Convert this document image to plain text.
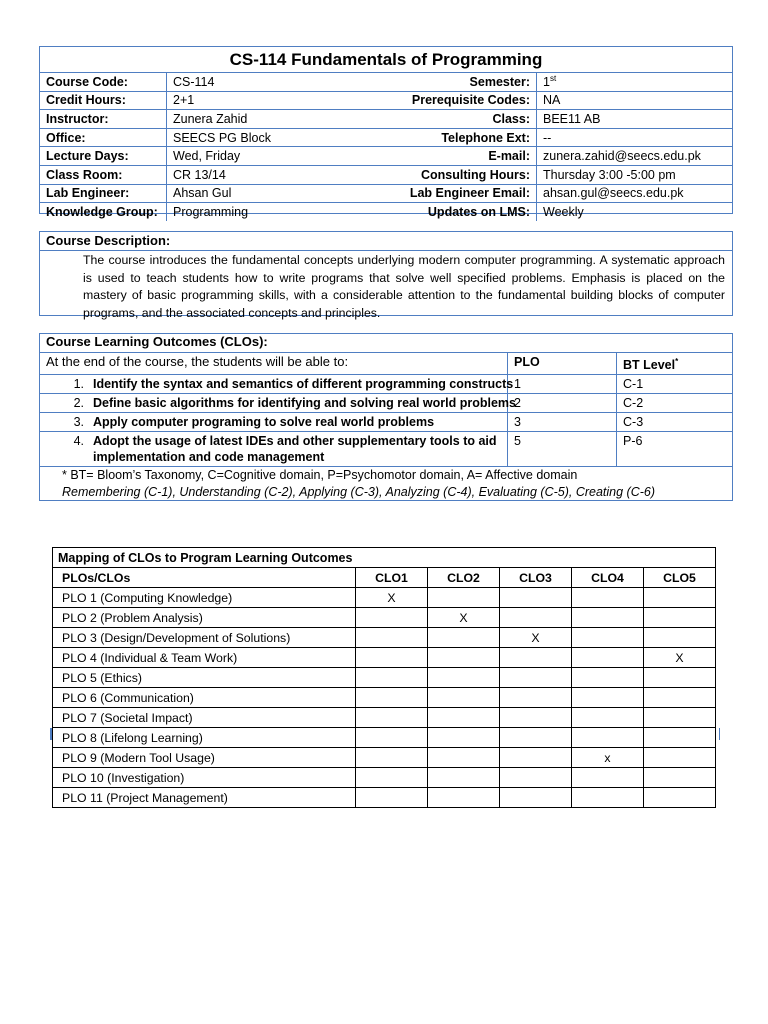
CS-114 Fundamentals of Programming
Course Code:	CS-114	Semester:	1st
Credit Hours:	2+1	Prerequisite Codes:	NA
Instructor:	Zunera Zahid	Class:	BEE11 AB
Office:	SEECS PG Block	Telephone Ext:	--
Lecture Days:	Wed, Friday	E-mail:	zunera.zahid@seecs.edu.pk
Class Room:	CR 13/14	Consulting Hours:	Thursday 3:00 -5:00 pm
Lab Engineer:	Ahsan Gul	Lab Engineer Email:	ahsan.gul@seecs.edu.pk
Knowledge Group:	Programming	Updates on LMS:	Weekly
Course Description:
The course introduces the fundamental concepts underlying modern computer programming. A systematic approach is used to teach students how to write programs that solve well specified problems. Emphasis is placed on the mastery of basic programming skills, with a considerable attention to the fundamental building blocks of computer programs, and the associated concepts and principles.
Course Learning Outcomes (CLOs):		
At the end of the course, the students will be able to:	PLO	BT Level*
1. Identify the syntax and semantics of different programming constructs	1	C-1
2. Define basic algorithms for identifying and solving real world problems	2	C-2
3. Apply computer programing to solve real world problems	3	C-3
4. Adopt the usage of latest IDEs and other supplementary tools to aid implementation and code management	5	P-6
* BT= Bloom’s Taxonomy, C=Cognitive domain, P=Psychomotor domain, A= Affective domain
Remembering (C-1), Understanding (C-2), Applying (C-3), Analyzing (C-4), Evaluating (C-5), Creating (C-6)
Mapping of CLOs to Program Learning Outcomes					
PLOs/CLOs	CLO1	CLO2	CLO3	CLO4	CLO5
PLO 1 (Computing Knowledge)	X				
PLO 2 (Problem Analysis)		X			
PLO 3 (Design/Development of Solutions)			X		
PLO 4 (Individual & Team Work)					X
PLO 5 (Ethics)					
PLO 6 (Communication)					
PLO 7 (Societal Impact)					
PLO 8 (Lifelong Learning)					
PLO 9 (Modern Tool Usage)				x	
PLO 10 (Investigation)					
PLO 11 (Project Management)					
